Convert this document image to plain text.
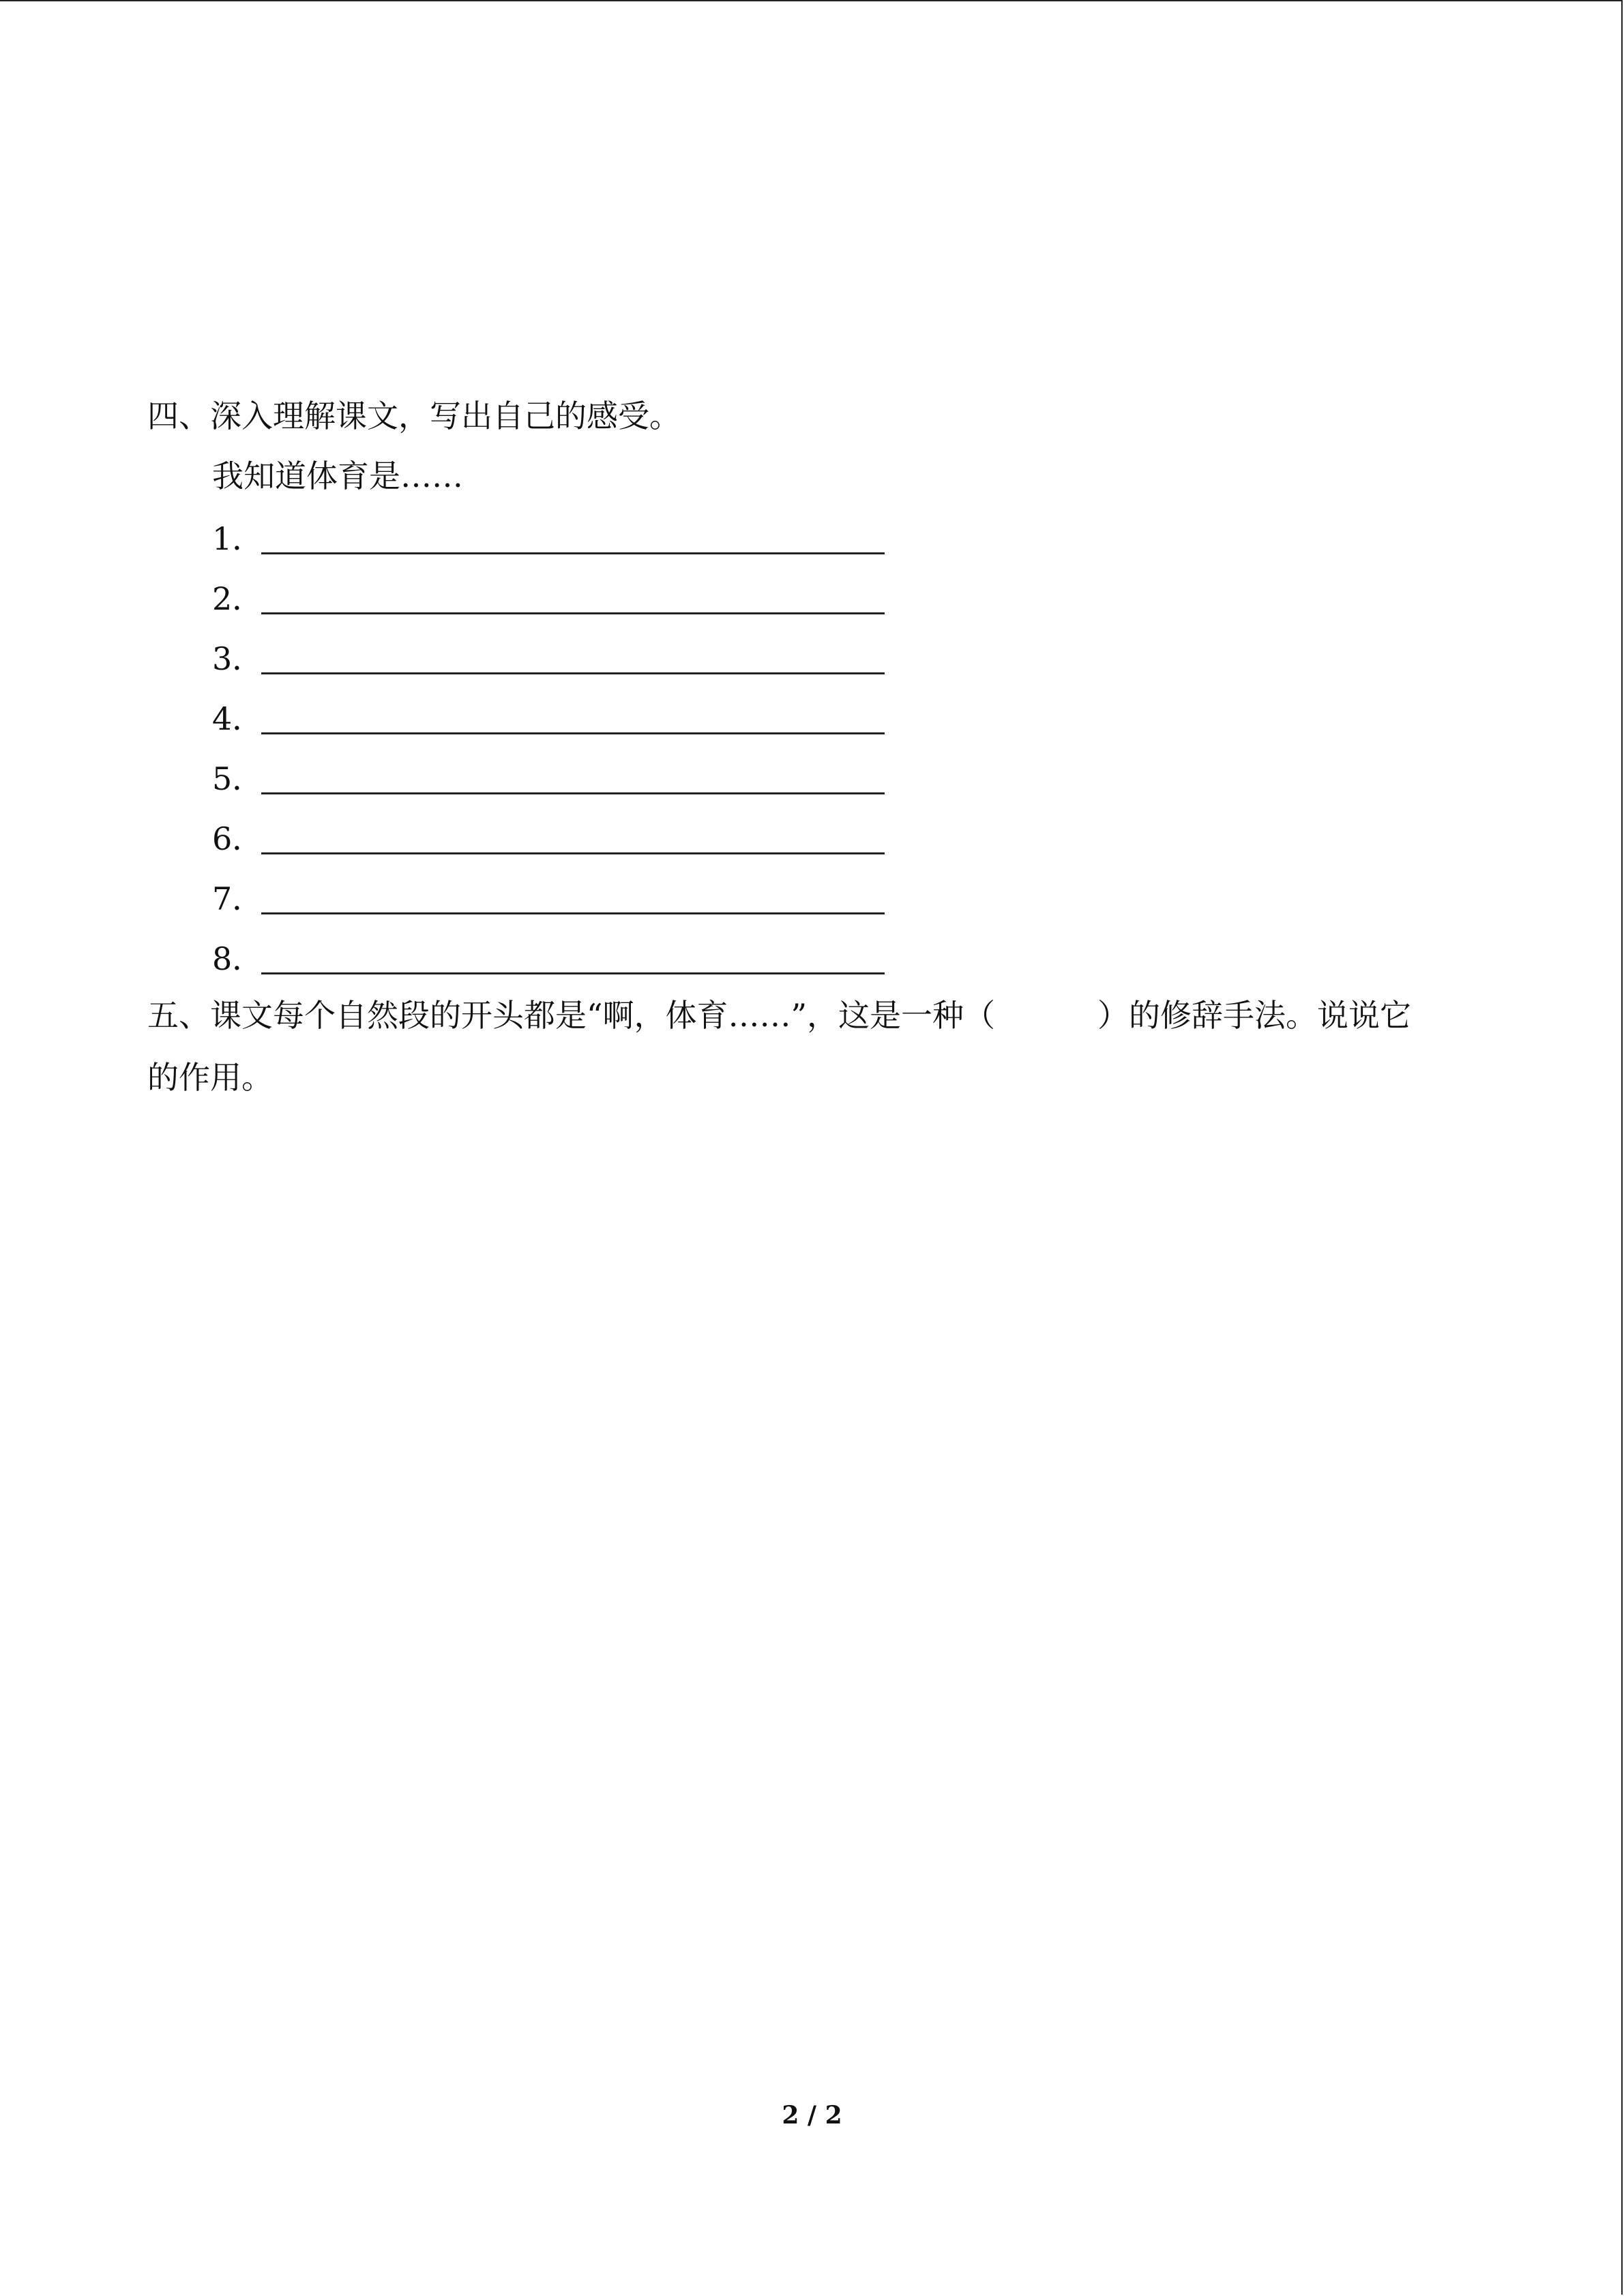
四、深入理解课文，写出自己的感受。
我知道体育是……
1．
2．
3．
4．
5．
6．
7．
8．
五、课文每个自然段的开头都是“啊，体育……”，这是一种（	）的修辞手法。说说它
的作用。
2 / 2
